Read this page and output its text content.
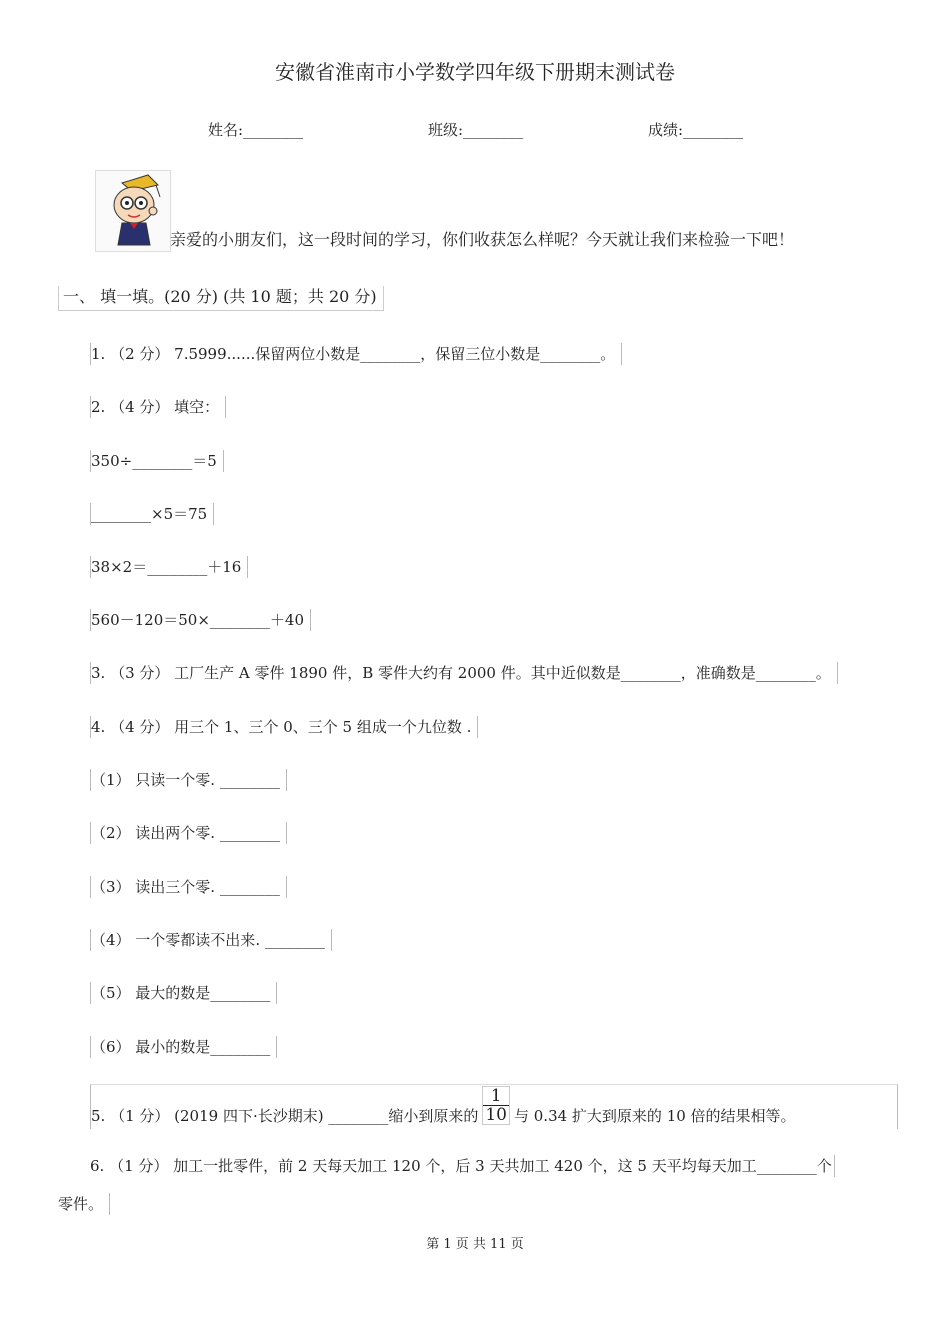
安徽省淮南市小学数学四年级下册期末测试卷
姓名:________	班级:________	成绩:________
亲爱的小朋友们，这一段时间的学习，你们收获怎么样呢？今天就让我们来检验一下吧！
一、 填一填。(20 分) (共 10 题；共 20 分)
1. （2 分） 7.5999......保留两位小数是________，保留三位小数是________。
2. （4 分） 填空：
350÷________＝5
________×5＝75
38×2＝________＋16
560－120＝50×________＋40
3. （3 分） 工厂生产 A 零件 1890 件，B 零件大约有 2000 件。其中近似数是________，准确数是________。
4. （4 分） 用三个 1、三个 0、三个 5 组成一个九位数 .
（1） 只读一个零. ________
（2） 读出两个零. ________
（3） 读出三个零. ________
（4） 一个零都读不出来. ________
（5） 最大的数是________
（6） 最小的数是________
5. （1 分） (2019 四下·长沙期末) ________缩小到原来的 $\frac{1}{10}$ 与 0.34 扩大到原来的 10 倍的结果相等。
6. （1 分） 加工一批零件，前 2 天每天加工 120 个，后 3 天共加工 420 个，这 5 天平均每天加工________个
零件。
第 1 页 共 11 页
